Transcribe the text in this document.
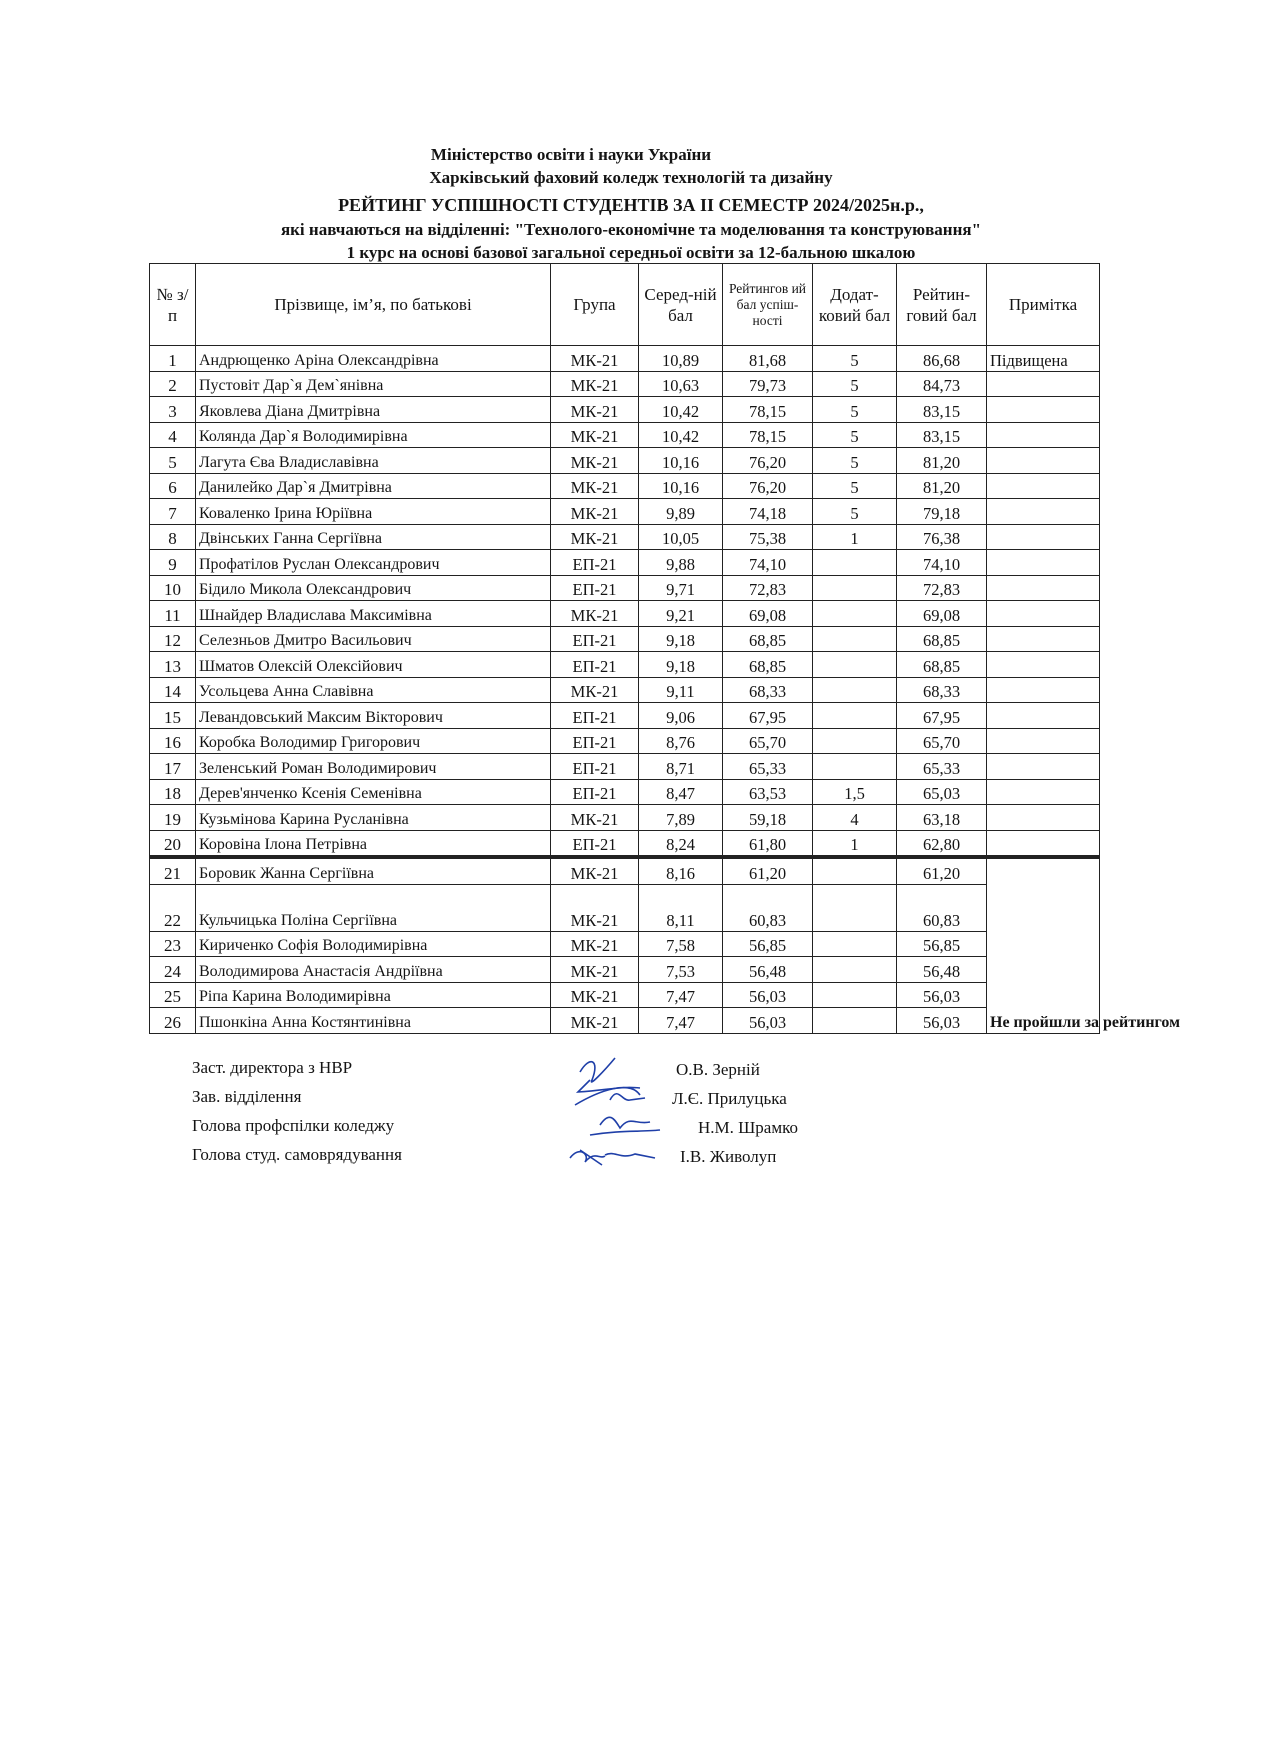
Міністерство освіти і науки України
Харківський фаховий коледж технологій та дизайну
РЕЙТИНГ УСПІШНОСТІ СТУДЕНТІВ ЗА ІІ СЕМЕСТР 2024/2025н.р.,
які навчаються на відділенні: "Технолого-економічне та моделювання та конструювання"
1 курс на основі базової загальної середньої освіти за 12-бальною шкалою
№ з/п	Прізвище, ім’я, по батькові	Група	Серед-ній бал	Рейтингов ий бал успіш-ності	Додат-ковий бал	Рейтин-говий бал	Примітка
1	Андрющенко Аріна Олександрівна	МК-21	10,89	81,68	5	86,68	Підвищена
2	Пустовіт Дар`я Дем`янівна	МК-21	10,63	79,73	5	84,73	
3	Яковлева Діана Дмитрівна	МК-21	10,42	78,15	5	83,15	
4	Колянда Дар`я Володимирівна	МК-21	10,42	78,15	5	83,15	
5	Лагута Єва Владиславівна	МК-21	10,16	76,20	5	81,20	
6	Данилейко Дар`я Дмитрівна	МК-21	10,16	76,20	5	81,20	
7	Коваленко Ірина Юріївна	МК-21	9,89	74,18	5	79,18	
8	Двінських Ганна Сергіївна	МК-21	10,05	75,38	1	76,38	
9	Профатілов Руслан Олександрович	ЕП-21	9,88	74,10		74,10	
10	Бідило Микола Олександрович	ЕП-21	9,71	72,83		72,83	
11	Шнайдер Владислава Максимівна	МК-21	9,21	69,08		69,08	
12	Селезньов Дмитро Васильович	ЕП-21	9,18	68,85		68,85	
13	Шматов Олексій Олексійович	ЕП-21	9,18	68,85		68,85	
14	Усольцева Анна Славівна	МК-21	9,11	68,33		68,33	
15	Левандовський Максим Вікторович	ЕП-21	9,06	67,95		67,95	
16	Коробка Володимир Григорович	ЕП-21	8,76	65,70		65,70	
17	Зеленський Роман Володимирович	ЕП-21	8,71	65,33		65,33	
18	Дерев'янченко Ксенія Семенівна	ЕП-21	8,47	63,53	1,5	65,03	
19	Кузьмінова Карина Русланівна	МК-21	7,89	59,18	4	63,18	
20	Коровіна Ілона Петрівна	ЕП-21	8,24	61,80	1	62,80	
21	Боровик Жанна Сергіївна	МК-21	8,16	61,20		61,20	Не пройшли за рейтингом
22	Кульчицька Поліна Сергіївна	МК-21	8,11	60,83		60,83	
23	Кириченко Софія Володимирівна	МК-21	7,58	56,85		56,85	
24	Володимирова Анастасія Андріївна	МК-21	7,53	56,48		56,48	
25	Ріпа Карина Володимирівна	МК-21	7,47	56,03		56,03	
26	Пшонкіна Анна Костянтинівна	МК-21	7,47	56,03		56,03	
Заст. директора з НВР	О.В. Зерній
Зав. відділення	Л.Є. Прилуцька
Голова профспілки коледжу	Н.М. Шрамко
Голова студ. самоврядування	І.В. Живолуп
